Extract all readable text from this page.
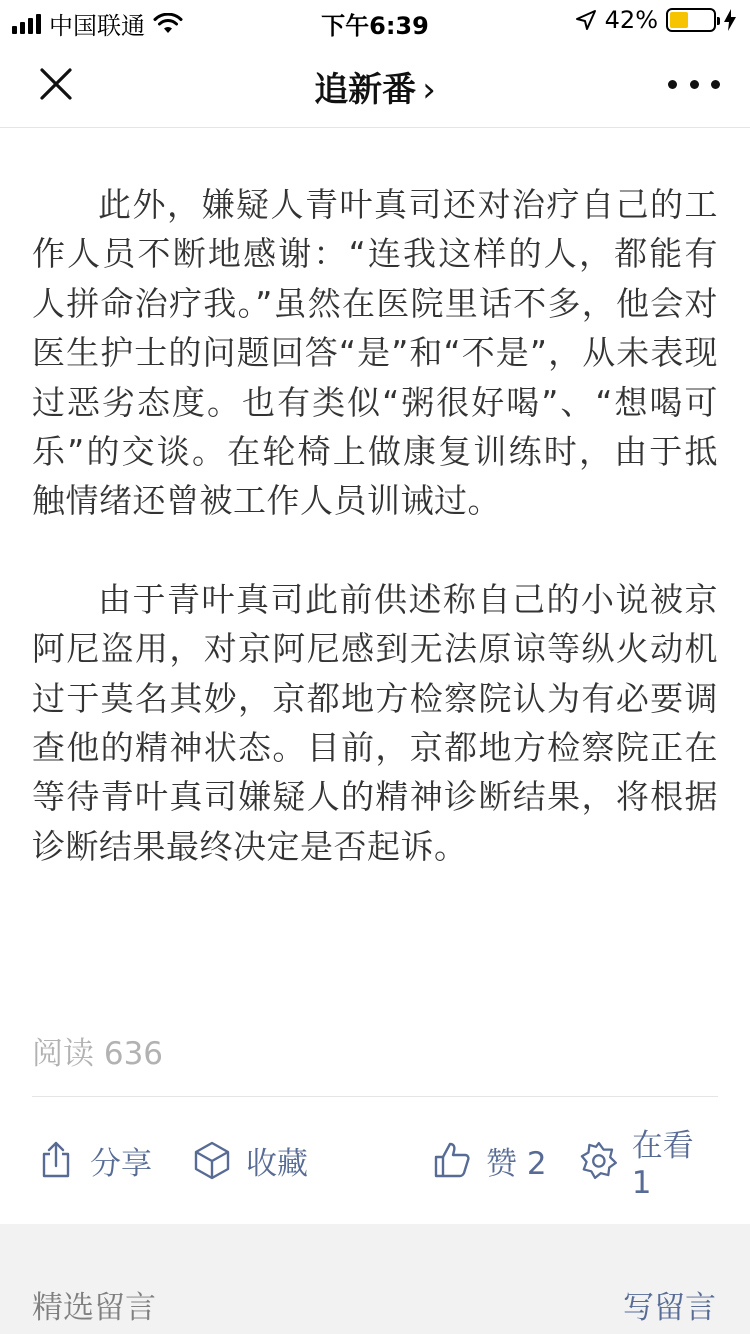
中国联通	下午6:39	42%
追新番 ›

此外，嫌疑人青叶真司还对治疗自己的工作人员不断地感谢：“连我这样的人，都能有人拼命治疗我。”虽然在医院里话不多，他会对医生护士的问题回答“是”和“不是”，从未表现过恶劣态度。也有类似“粥很好喝”、“想喝可乐”的交谈。在轮椅上做康复训练时，由于抵触情绪还曾被工作人员训诫过。

由于青叶真司此前供述称自己的小说被京阿尼盗用，对京阿尼感到无法原谅等纵火动机过于莫名其妙，京都地方检察院认为有必要调查他的精神状态。目前，京都地方检察院正在等待青叶真司嫌疑人的精神诊断结果，将根据诊断结果最终决定是否起诉。

阅读 636
分享	收藏	赞 2	在看 1
精选留言	写留言
